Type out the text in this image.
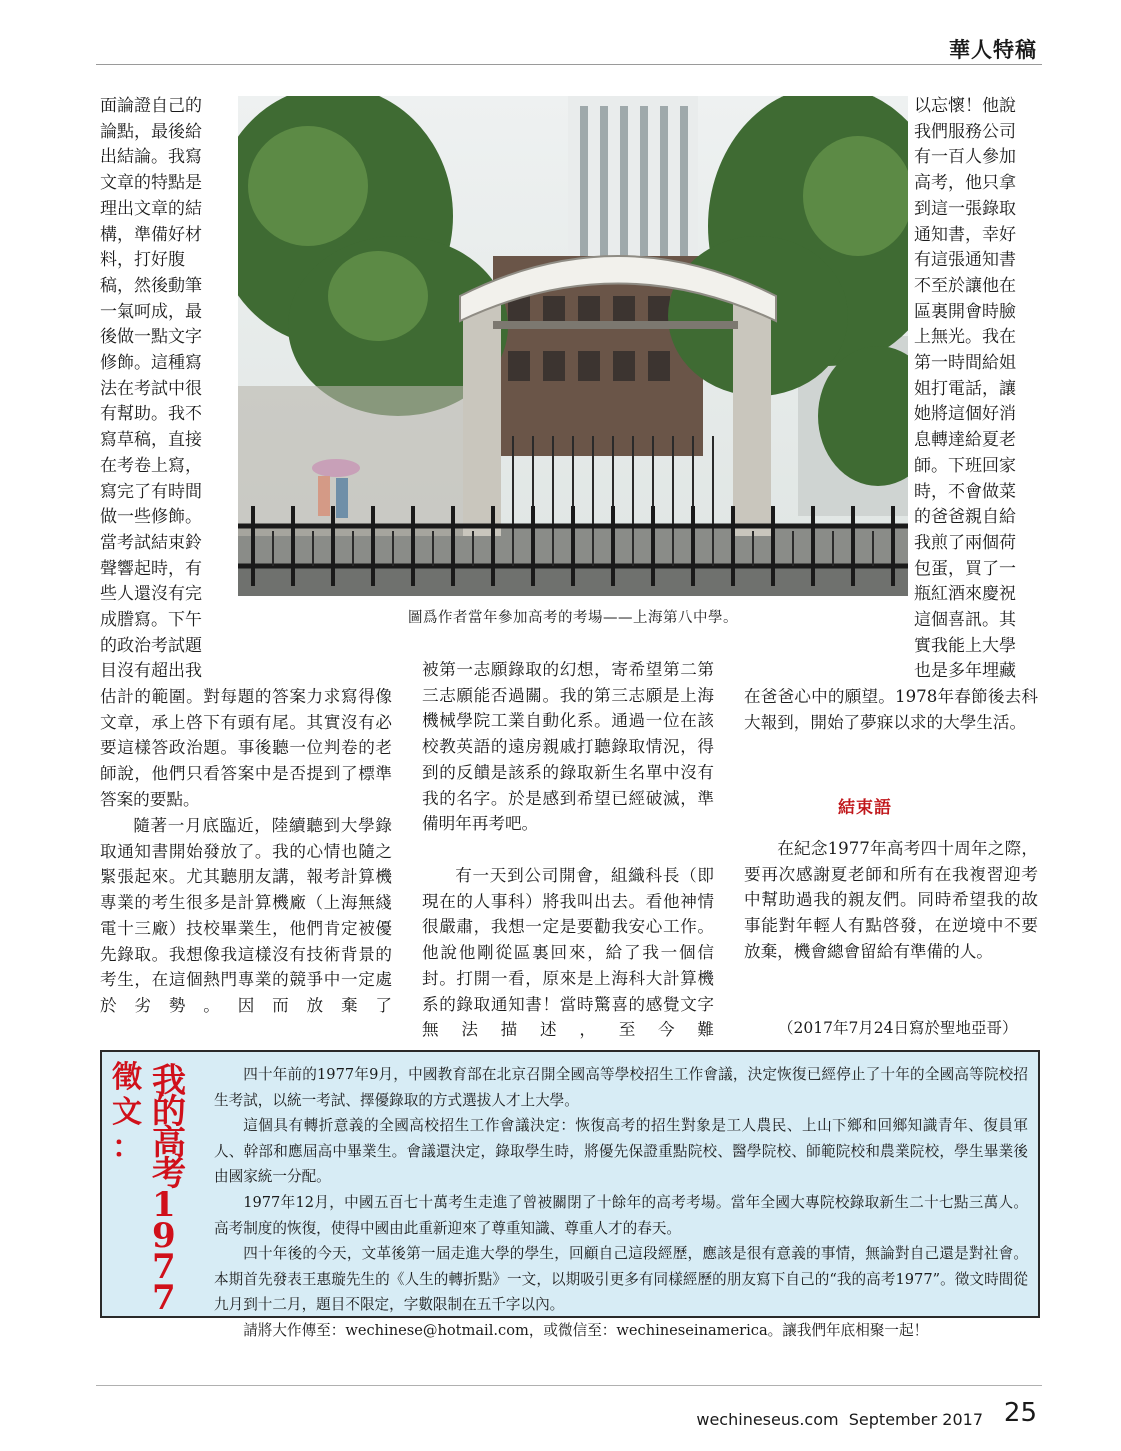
華人特稿
面論證自己的
論點，最後給
出結論。我寫
文章的特點是
理出文章的結
構，準備好材
料，打好腹
稿，然後動筆
一氣呵成，最
後做一點文字
修飾。這種寫
法在考試中很
有幫助。我不
寫草稿，直接
在考卷上寫，
寫完了有時間
做一些修飾。
當考試結束鈴
聲響起時，有
些人還沒有完
成謄寫。下午
的政治考試題
目沒有超出我
圖爲作者當年參加高考的考場——上海第八中學。
以忘懷！他說
我們服務公司
有一百人參加
高考，他只拿
到這一張錄取
通知書，幸好
有這張通知書
不至於讓他在
區裏開會時臉
上無光。我在
第一時間給姐
姐打電話，讓
她將這個好消
息轉達給夏老
師。下班回家
時，不會做菜
的爸爸親自給
我煎了兩個荷
包蛋，買了一
瓶紅酒來慶祝
這個喜訊。其
實我能上大學
也是多年埋藏
估計的範圍。對每題的答案力求寫得像文章，承上啓下有頭有尾。其實沒有必要這樣答政治題。事後聽一位判卷的老師說，他們只看答案中是否提到了標準答案的要點。
隨著一月底臨近，陸續聽到大學錄取通知書開始發放了。我的心情也隨之緊張起來。尤其聽朋友講，報考計算機專業的考生很多是計算機廠（上海無綫電十三廠）技校畢業生，他們肯定被優先錄取。我想像我這樣沒有技術背景的考生，在這個熱門專業的競爭中一定處於劣勢。因而放棄了
被第一志願錄取的幻想，寄希望第二第三志願能否過關。我的第三志願是上海機械學院工業自動化系。通過一位在該校教英語的遠房親戚打聽錄取情況，得到的反饋是該系的錄取新生名單中沒有我的名字。於是感到希望已經破滅，準備明年再考吧。
有一天到公司開會，組織科長（即現在的人事科）將我叫出去。看他神情很嚴肅，我想一定是要勸我安心工作。他說他剛從區裏回來，給了我一個信封。打開一看，原來是上海科大計算機系的錄取通知書！當時驚喜的感覺文字無法描述，至今難
在爸爸心中的願望。1978年春節後去科大報到，開始了夢寐以求的大學生活。
結束語
在紀念1977年高考四十周年之際，要再次感謝夏老師和所有在我複習迎考中幫助過我的親友們。同時希望我的故事能對年輕人有點啓發，在逆境中不要放棄，機會總會留給有準備的人。
（2017年7月24日寫於聖地亞哥）
徵
文
：
我
的
高
考
1
9
7
7

四十年前的1977年9月，中國教育部在北京召開全國高等學校招生工作會議，決定恢復已經停止了十年的全國高等院校招生考試，以統一考試、擇優錄取的方式選拔人才上大學。

這個具有轉折意義的全國高校招生工作會議決定：恢復高考的招生對象是工人農民、上山下鄉和回鄉知識青年、復員軍人、幹部和應屆高中畢業生。會議還決定，錄取學生時，將優先保證重點院校、醫學院校、師範院校和農業院校，學生畢業後由國家統一分配。

1977年12月，中國五百七十萬考生走進了曾被關閉了十餘年的高考考場。當年全國大專院校錄取新生二十七點三萬人。高考制度的恢復，使得中國由此重新迎來了尊重知識、尊重人才的春天。

四十年後的今天，文革後第一屆走進大學的學生，回顧自己這段經歷，應該是很有意義的事情，無論對自己還是對社會。本期首先發表王惠璇先生的《人生的轉折點》一文，以期吸引更多有同樣經歷的朋友寫下自己的“我的高考1977”。徵文時間從九月到十二月，題目不限定，字數限制在五千字以內。

請將大作傳至：wechinese@hotmail.com，或微信至：wechineseinamerica。讓我們年底相聚一起！

wechineseus.com  September 2017 25
